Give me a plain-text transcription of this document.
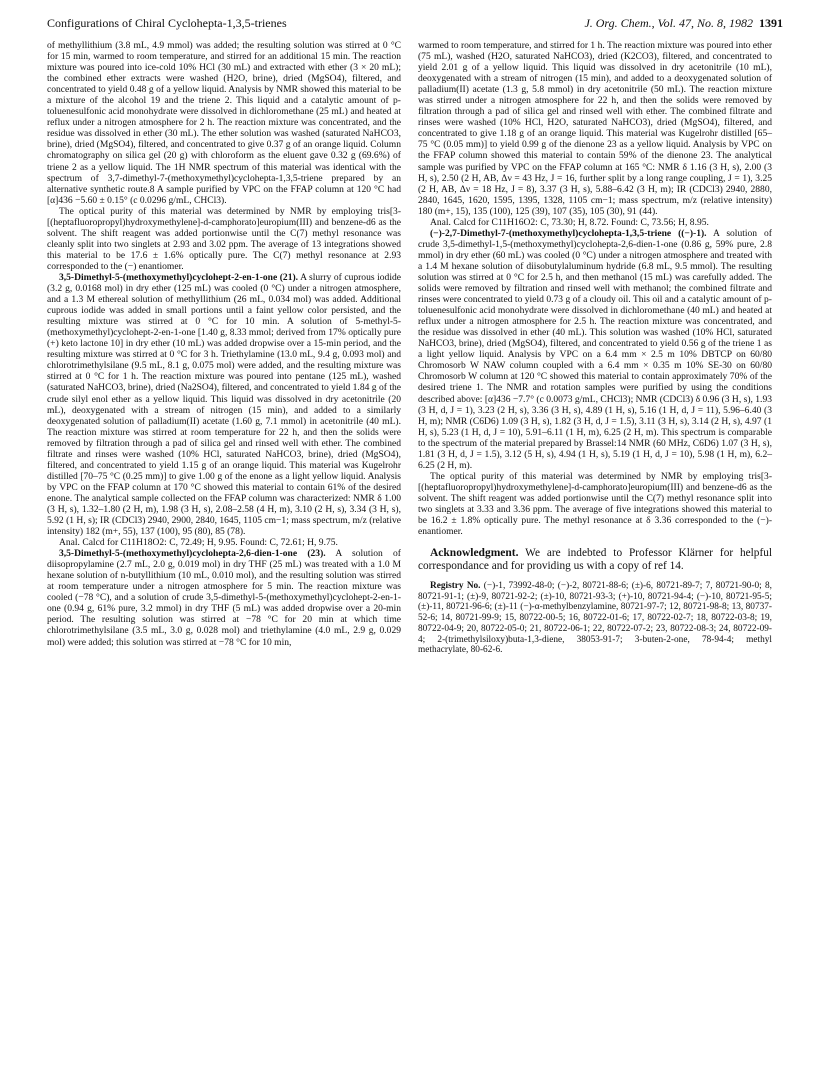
Configurations of Chiral Cyclohepta-1,3,5-trienes	J. Org. Chem., Vol. 47, No. 8, 1982 1391

of methyllithium (3.8 mL, 4.9 mmol) was added; the resulting solution was stirred at 0 °C for 15 min, warmed to room temperature, and stirred for an additional 15 min. The reaction mixture was poured into ice-cold 10% HCl (30 mL) and extracted with ether (3 × 20 mL); the combined ether extracts were washed (H2O, brine), dried (MgSO4), filtered, and concentrated to yield 0.48 g of a yellow liquid. Analysis by NMR showed this material to be a mixture of the alcohol 19 and the triene 2. This liquid and a catalytic amount of p-toluenesulfonic acid monohydrate were dissolved in dichloromethane (25 mL) and heated at reflux under a nitrogen atmosphere for 2 h. The reaction mixture was concentrated, and the residue was dissolved in ether (30 mL). The ether solution was washed (saturated NaHCO3, brine), dried (MgSO4), filtered, and concentrated to give 0.37 g of an orange liquid. Column chromatography on silica gel (20 g) with chloroform as the eluent gave 0.32 g (69.6%) of triene 2 as a yellow liquid. The 1H NMR spectrum of this material was identical with the spectrum of 3,7-dimethyl-7-(methoxymethyl)cyclohepta-1,3,5-triene prepared by an alternative synthetic route.8 A sample purified by VPC on the FFAP column at 120 °C had [α]436 −5.60 ± 0.15° (c 0.0296 g/mL, CHCl3).

The optical purity of this material was determined by NMR by employing tris[3-[(heptafluoropropyl)hydroxymethylene]-d-camphorato]europium(III) and benzene-d6 as the solvent. The shift reagent was added portionwise until the C(7) methyl resonance was cleanly split into two singlets at 2.93 and 3.02 ppm. The average of 13 integrations showed this material to be 17.6 ± 1.6% optically pure. The C(7) methyl resonance at 2.93 corresponded to the (−) enantiomer.

3,5-Dimethyl-5-(methoxymethyl)cyclohept-2-en-1-one (21). A slurry of cuprous iodide (3.2 g, 0.0168 mol) in dry ether (125 mL) was cooled (0 °C) under a nitrogen atmosphere, and a 1.3 M ethereal solution of methyllithium (26 mL, 0.034 mol) was added. Additional cuprous iodide was added in small portions until a faint yellow color persisted, and the resulting mixture was stirred at 0 °C for 10 min. A solution of 5-methyl-5-(methoxymethyl)cyclohept-2-en-1-one [1.40 g, 8.33 mmol; derived from 17% optically pure (+) keto lactone 10] in dry ether (10 mL) was added dropwise over a 15-min period, and the resulting mixture was stirred at 0 °C for 3 h. Triethylamine (13.0 mL, 9.4 g, 0.093 mol) and chlorotrimethylsilane (9.5 mL, 8.1 g, 0.075 mol) were added, and the resulting mixture was stirred at 0 °C for 1 h. The reaction mixture was poured into pentane (125 mL), washed (saturated NaHCO3, brine), dried (Na2SO4), filtered, and concentrated to yield 1.84 g of the crude silyl enol ether as a yellow liquid. This liquid was dissolved in dry acetonitrile (20 mL), deoxygenated with a stream of nitrogen (15 min), and added to a similarly deoxygenated solution of palladium(II) acetate (1.60 g, 7.1 mmol) in acetonitrile (40 mL). The reaction mixture was stirred at room temperature for 22 h, and then the solids were removed by filtration through a pad of silica gel and rinsed well with ether. The combined filtrate and rinses were washed (10% HCl, saturated NaHCO3, brine), dried (MgSO4), filtered, and concentrated to yield 1.15 g of an orange liquid. This material was Kugelrohr distilled [70–75 °C (0.25 mm)] to give 1.00 g of the enone as a light yellow liquid. Analysis by VPC on the FFAP column at 170 °C showed this material to contain 61% of the desired enone. The analytical sample collected on the FFAP column was characterized: NMR δ 1.00 (3 H, s), 1.32–1.80 (2 H, m), 1.98 (3 H, s), 2.08–2.58 (4 H, m), 3.10 (2 H, s), 3.34 (3 H, s), 5.92 (1 H, s); IR (CDCl3) 2940, 2900, 2840, 1645, 1105 cm−1; mass spectrum, m/z (relative intensity) 182 (m+, 55), 137 (100), 95 (80), 85 (78).

Anal. Calcd for C11H18O2: C, 72.49; H, 9.95. Found: C, 72.61; H, 9.75.

3,5-Dimethyl-5-(methoxymethyl)cyclohepta-2,6-dien-1-one (23). A solution of diisopropylamine (2.7 mL, 2.0 g, 0.019 mol) in dry THF (25 mL) was treated with a 1.0 M hexane solution of n-butyllithium (10 mL, 0.010 mol), and the resulting solution was stirred at room temperature under a nitrogen atmosphere for 5 min. The reaction mixture was cooled (−78 °C), and a solution of crude 3,5-dimethyl-5-(methoxymethyl)cyclohept-2-en-1-one (0.94 g, 61% pure, 3.2 mmol) in dry THF (5 mL) was added dropwise over a 20-min period. The resulting solution was stirred at −78 °C for 20 min at which time chlorotrimethylsilane (3.5 mL, 3.0 g, 0.028 mol) and triethylamine (4.0 mL, 2.9 g, 0.029 mol) were added; this solution was stirred at −78 °C for 10 min,

warmed to room temperature, and stirred for 1 h. The reaction mixture was poured into ether (75 mL), washed (H2O, saturated NaHCO3), dried (K2CO3), filtered, and concentrated to yield 2.01 g of a yellow liquid. This liquid was dissolved in dry acetonitrile (10 mL), deoxygenated with a stream of nitrogen (15 min), and added to a deoxygenated solution of palladium(II) acetate (1.3 g, 5.8 mmol) in dry acetonitrile (50 mL). The reaction mixture was stirred under a nitrogen atmosphere for 22 h, and then the solids were removed by filtration through a pad of silica gel and rinsed well with ether. The combined filtrate and rinses were washed (10% HCl, H2O, saturated NaHCO3), dried (MgSO4), filtered, and concentrated to give 1.18 g of an orange liquid. This material was Kugelrohr distilled [65–75 °C (0.05 mm)] to yield 0.99 g of the dienone 23 as a yellow liquid. Analysis by VPC on the FFAP column showed this material to contain 59% of the dienone 23. The analytical sample was purified by VPC on the FFAP column at 165 °C: NMR δ 1.16 (3 H, s), 2.00 (3 H, s), 2.50 (2 H, AB, Δν = 43 Hz, J = 16, further split by a long range coupling, J = 1), 3.25 (2 H, AB, Δν = 18 Hz, J = 8), 3.37 (3 H, s), 5.88–6.42 (3 H, m); IR (CDCl3) 2940, 2880, 2840, 1645, 1620, 1595, 1395, 1328, 1105 cm−1; mass spectrum, m/z (relative intensity) 180 (m+, 15), 135 (100), 125 (39), 107 (35), 105 (30), 91 (44).

Anal. Calcd for C11H16O2: C, 73.30; H, 8.72. Found: C, 73.56; H, 8.95.

(−)-2,7-Dimethyl-7-(methoxymethyl)cyclohepta-1,3,5-triene ((−)-1). A solution of crude 3,5-dimethyl-1,5-(methoxymethyl)cyclohepta-2,6-dien-1-one (0.86 g, 59% pure, 2.8 mmol) in dry ether (60 mL) was cooled (0 °C) under a nitrogen atmosphere and treated with a 1.4 M hexane solution of diisobutylaluminum hydride (6.8 mL, 9.5 mmol). The resulting solution was stirred at 0 °C for 2.5 h, and then methanol (15 mL) was carefully added. The solids were removed by filtration and rinsed well with methanol; the combined filtrate and rinses were concentrated to yield 0.73 g of a cloudy oil. This oil and a catalytic amount of p-toluenesulfonic acid monohydrate were dissolved in dichloromethane (40 mL) and heated at reflux under a nitrogen atmosphere for 2.5 h. The reaction mixture was concentrated, and the residue was dissolved in ether (40 mL). This solution was washed (10% HCl, saturated NaHCO3, brine), dried (MgSO4), filtered, and concentrated to yield 0.56 g of the triene 1 as a light yellow liquid. Analysis by VPC on a 6.4 mm × 2.5 m 10% DBTCP on 60/80 Chromosorb W NAW column coupled with a 6.4 mm × 0.35 m 10% SE-30 on 60/80 Chromosorb W column at 120 °C showed this material to contain approximately 70% of the desired triene 1. The NMR and rotation samples were purified by using the conditions described above: [α]436 −7.7° (c 0.0073 g/mL, CHCl3); NMR (CDCl3) δ 0.96 (3 H, s), 1.93 (3 H, d, J = 1), 3.23 (2 H, s), 3.36 (3 H, s), 4.89 (1 H, s), 5.16 (1 H, d, J = 11), 5.96–6.40 (3 H, m); NMR (C6D6) 1.09 (3 H, s), 1.82 (3 H, d, J = 1.5), 3.11 (3 H, s), 3.14 (2 H, s), 4.97 (1 H, s), 5.23 (1 H, d, J = 10), 5.91–6.11 (1 H, m), 6.25 (2 H, m). This spectrum is comparable to the spectrum of the material prepared by Brassel:14 NMR (60 MHz, C6D6) 1.07 (3 H, s), 1.81 (3 H, d, J = 1.5), 3.12 (5 H, s), 4.94 (1 H, s), 5.19 (1 H, d, J = 10), 5.98 (1 H, m), 6.2–6.25 (2 H, m).

The optical purity of this material was determined by NMR by employing tris[3-[(heptafluoropropyl)hydroxymethylene]-d-camphorato]europium(III) and benzene-d6 as the solvent. The shift reagent was added portionwise until the C(7) methyl resonance split into two singlets at 3.33 and 3.36 ppm. The average of five integrations showed this material to be 16.2 ± 1.8% optically pure. The methyl resonance at δ 3.36 corresponded to the (−)-enantiomer.

Acknowledgment. We are indebted to Professor Klärner for helpful correspondance and for providing us with a copy of ref 14.

Registry No. (−)-1, 73992-48-0; (−)-2, 80721-88-6; (±)-6, 80721-89-7; 7, 80721-90-0; 8, 80721-91-1; (±)-9, 80721-92-2; (±)-10, 80721-93-3; (+)-10, 80721-94-4; (−)-10, 80721-95-5; (±)-11, 80721-96-6; (±)-11 (−)-α-methylbenzylamine, 80721-97-7; 12, 80721-98-8; 13, 80737-52-6; 14, 80721-99-9; 15, 80722-00-5; 16, 80722-01-6; 17, 80722-02-7; 18, 80722-03-8; 19, 80722-04-9; 20, 80722-05-0; 21, 80722-06-1; 22, 80722-07-2; 23, 80722-08-3; 24, 80722-09-4; 2-(trimethylsiloxy)buta-1,3-diene, 38053-91-7; 3-buten-2-one, 78-94-4; methyl methacrylate, 80-62-6.
